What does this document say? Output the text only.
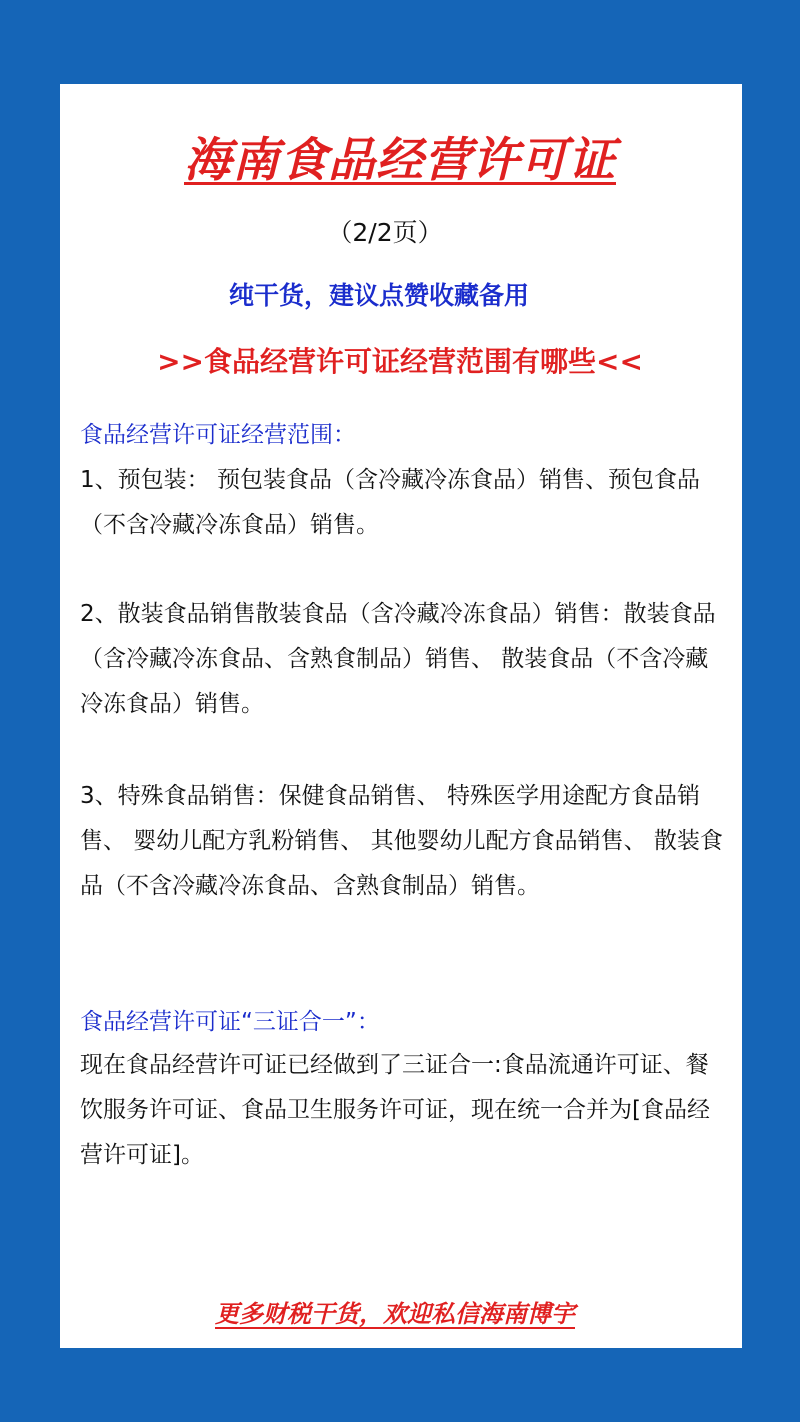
海南食品经营许可证
（2/2页）
纯干货，建议点赞收藏备用
>>食品经营许可证经营范围有哪些<<
食品经营许可证经营范围：
1、预包装： 预包装食品（含冷藏冷冻食品）销售、预包食品（不含冷藏冷冻食品）销售。
2、散装食品销售散装食品（含冷藏冷冻食品）销售：散装食品（含冷藏冷冻食品、含熟食制品）销售、 散装食品（不含冷藏冷冻食品）销售。
3、特殊食品销售：保健食品销售、 特殊医学用途配方食品销售、 婴幼儿配方乳粉销售、 其他婴幼儿配方食品销售、 散装食品（不含冷藏冷冻食品、含熟食制品）销售。
食品经营许可证“三证合一”：
现在食品经营许可证已经做到了三证合一:食品流通许可证、餐饮服务许可证、食品卫生服务许可证，现在统一合并为[食品经营许可证]。
更多财税干货，欢迎私信海南博宇
